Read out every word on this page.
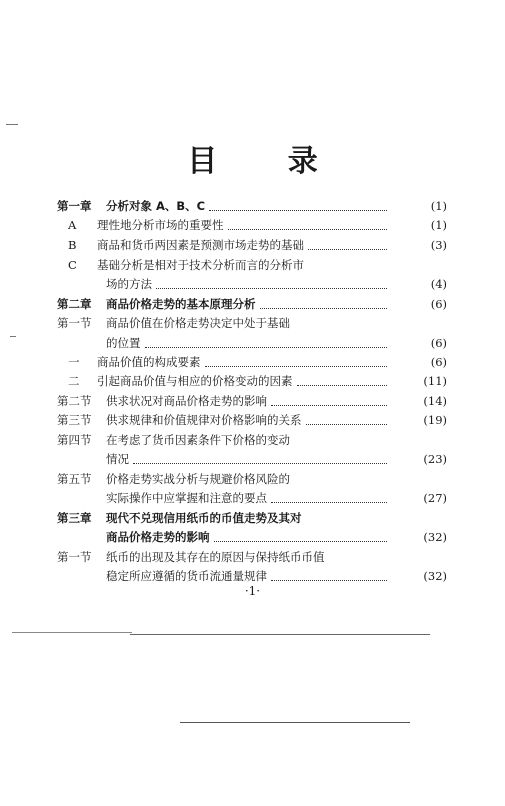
目 录
第一章 分析对象 A、B、C	(1)
A 理性地分析市场的重要性	(1)
B 商品和货币两因素是预测市场走势的基础	(3)
C 基础分析是相对于技术分析而言的分析市
场的方法	(4)
第二章 商品价格走势的基本原理分析	(6)
第一节 商品价值在价格走势决定中处于基础
的位置	(6)
一 商品价值的构成要素	(6)
二 引起商品价值与相应的价格变动的因素	(11)
第二节 供求状况对商品价格走势的影响	(14)
第三节 供求规律和价值规律对价格影响的关系	(19)
第四节 在考虑了货币因素条件下价格的变动
情况	(23)
第五节 价格走势实战分析与规避价格风险的
实际操作中应掌握和注意的要点	(27)
第三章 现代不兑现信用纸币的币值走势及其对
商品价格走势的影响	(32)
第一节 纸币的出现及其存在的原因与保持纸币币值
稳定所应遵循的货币流通量规律	(32)
·1·
